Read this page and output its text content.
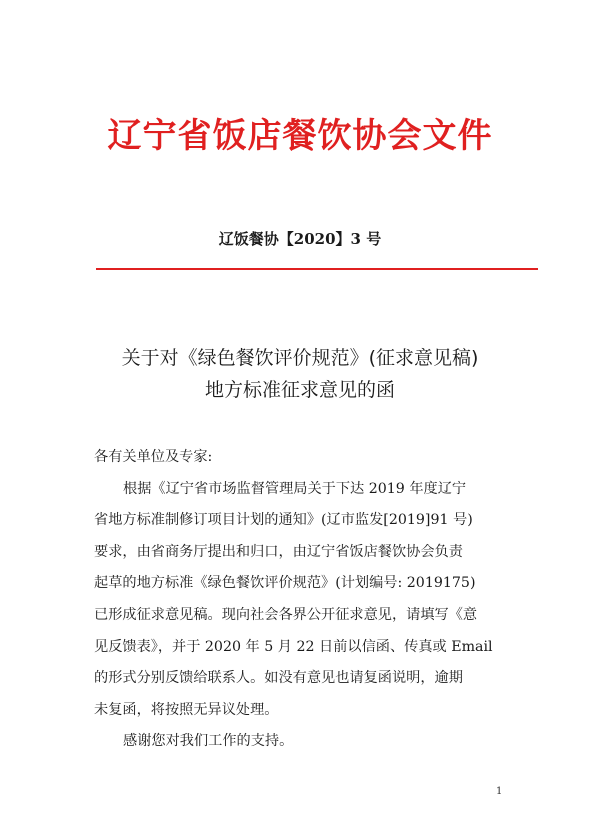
辽宁省饭店餐饮协会文件
辽饭餐协【2020】3 号
关于对《绿色餐饮评价规范》(征求意见稿)
地方标准征求意见的函
各有关单位及专家:
根据《辽宁省市场监督管理局关于下达 2019 年度辽宁
省地方标准制修订项目计划的通知》(辽市监发[2019]91 号)
要求，由省商务厅提出和归口，由辽宁省饭店餐饮协会负责
起草的地方标准《绿色餐饮评价规范》(计划编号: 2019175)
已形成征求意见稿。现向社会各界公开征求意见，请填写《意
见反馈表》，并于 2020 年 5 月 22 日前以信函、传真或 Email
的形式分别反馈给联系人。如没有意见也请复函说明，逾期
未复函，将按照无异议处理。
感谢您对我们工作的支持。
1
